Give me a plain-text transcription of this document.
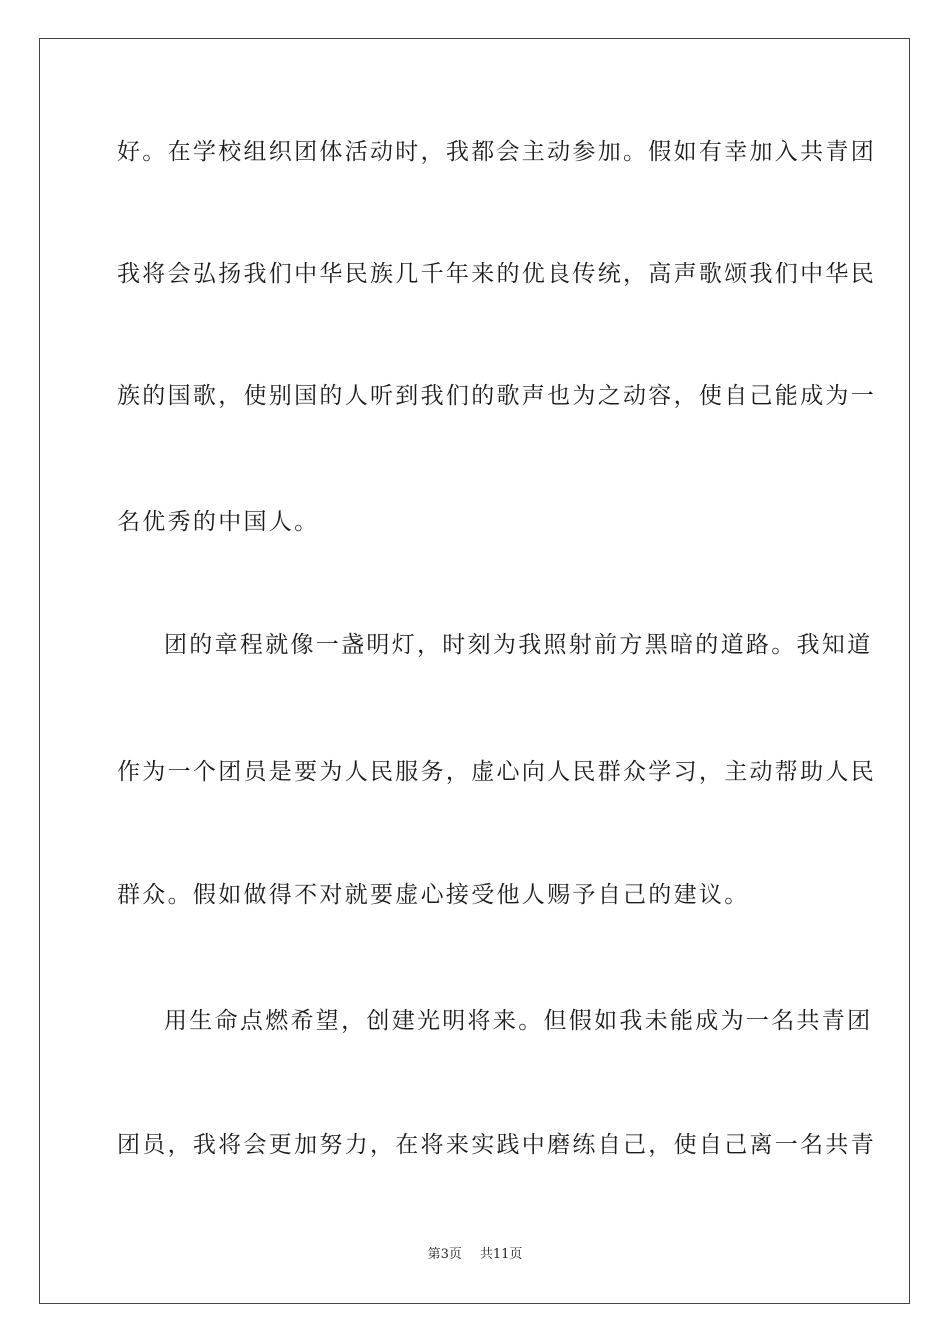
好。在学校组织团体活动时，我都会主动参加。假如有幸加入共青团
我将会弘扬我们中华民族几千年来的优良传统，高声歌颂我们中华民
族的国歌，使别国的人听到我们的歌声也为之动容，使自己能成为一
名优秀的中国人。
团的章程就像一盏明灯，时刻为我照射前方黑暗的道路。我知道
作为一个团员是要为人民服务，虚心向人民群众学习，主动帮助人民
群众。假如做得不对就要虚心接受他人赐予自己的建议。
用生命点燃希望，创建光明将来。但假如我未能成为一名共青团
团员，我将会更加努力，在将来实践中磨练自己，使自己离一名共青
第3页 共11页
